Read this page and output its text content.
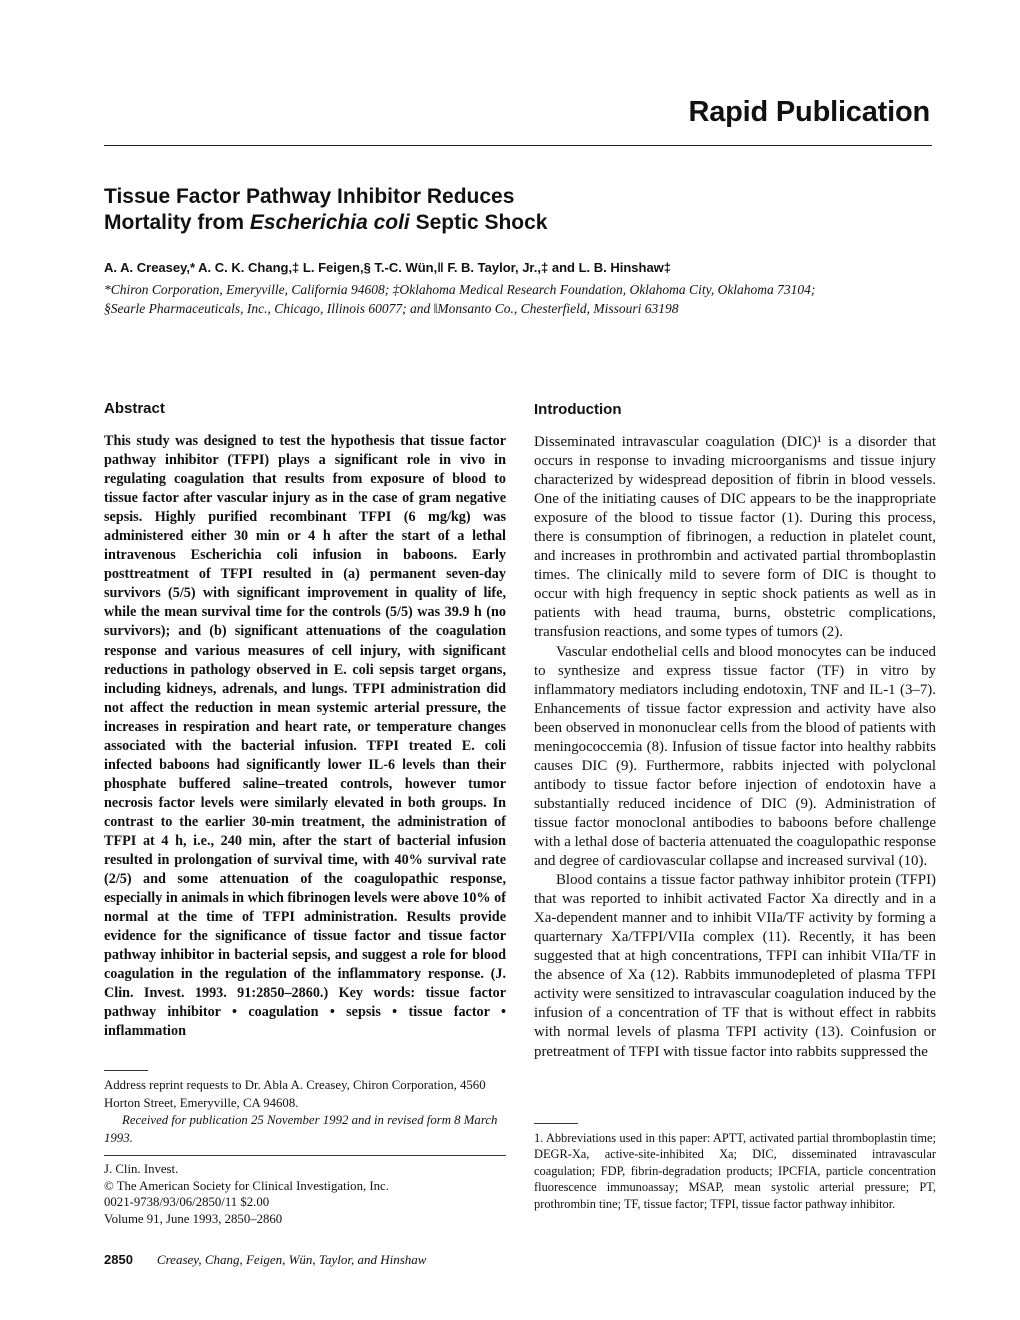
Rapid Publication
Tissue Factor Pathway Inhibitor Reduces
Mortality from Escherichia coli Septic Shock
A. A. Creasey,* A. C. K. Chang,‡ L. Feigen,§ T.-C. Wün,‖ F. B. Taylor, Jr.,‡ and L. B. Hinshaw‡
*Chiron Corporation, Emeryville, California 94608; ‡Oklahoma Medical Research Foundation, Oklahoma City, Oklahoma 73104;
§Searle Pharmaceuticals, Inc., Chicago, Illinois 60077; and ‖Monsanto Co., Chesterfield, Missouri 63198
Abstract

This study was designed to test the hypothesis that tissue factor pathway inhibitor (TFPI) plays a significant role in vivo in regulating coagulation that results from exposure of blood to tissue factor after vascular injury as in the case of gram negative sepsis. Highly purified recombinant TFPI (6 mg/kg) was administered either 30 min or 4 h after the start of a lethal intravenous Escherichia coli infusion in baboons. Early posttreatment of TFPI resulted in (a) permanent seven-day survivors (5/5) with significant improvement in quality of life, while the mean survival time for the controls (5/5) was 39.9 h (no survivors); and (b) significant attenuations of the coagulation response and various measures of cell injury, with significant reductions in pathology observed in E. coli sepsis target organs, including kidneys, adrenals, and lungs. TFPI administration did not affect the reduction in mean systemic arterial pressure, the increases in respiration and heart rate, or temperature changes associated with the bacterial infusion. TFPI treated E. coli infected baboons had significantly lower IL-6 levels than their phosphate buffered saline–treated controls, however tumor necrosis factor levels were similarly elevated in both groups. In contrast to the earlier 30-min treatment, the administration of TFPI at 4 h, i.e., 240 min, after the start of bacterial infusion resulted in prolongation of survival time, with 40% survival rate (2/5) and some attenuation of the coagulopathic response, especially in animals in which fibrinogen levels were above 10% of normal at the time of TFPI administration. Results provide evidence for the significance of tissue factor and tissue factor pathway inhibitor in bacterial sepsis, and suggest a role for blood coagulation in the regulation of the inflammatory response. (J. Clin. Invest. 1993. 91:2850–2860.) Key words: tissue factor pathway inhibitor • coagulation • sepsis • tissue factor • inflammation

Address reprint requests to Dr. Abla A. Creasey, Chiron Corporation, 4560 Horton Street, Emeryville, CA 94608.

Received for publication 25 November 1992 and in revised form 8 March 1993.

J. Clin. Invest.
© The American Society for Clinical Investigation, Inc.
0021-9738/93/06/2850/11 $2.00
Volume 91, June 1993, 2850–2860
Introduction

Disseminated intravascular coagulation (DIC)¹ is a disorder that occurs in response to invading microorganisms and tissue injury characterized by widespread deposition of fibrin in blood vessels. One of the initiating causes of DIC appears to be the inappropriate exposure of the blood to tissue factor (1). During this process, there is consumption of fibrinogen, a reduction in platelet count, and increases in prothrombin and activated partial thromboplastin times. The clinically mild to severe form of DIC is thought to occur with high frequency in septic shock patients as well as in patients with head trauma, burns, obstetric complications, transfusion reactions, and some types of tumors (2).

Vascular endothelial cells and blood monocytes can be induced to synthesize and express tissue factor (TF) in vitro by inflammatory mediators including endotoxin, TNF and IL-1 (3–7). Enhancements of tissue factor expression and activity have also been observed in mononuclear cells from the blood of patients with meningococcemia (8). Infusion of tissue factor into healthy rabbits causes DIC (9). Furthermore, rabbits injected with polyclonal antibody to tissue factor before injection of endotoxin have a substantially reduced incidence of DIC (9). Administration of tissue factor monoclonal antibodies to baboons before challenge with a lethal dose of bacteria attenuated the coagulopathic response and degree of cardiovascular collapse and increased survival (10).

Blood contains a tissue factor pathway inhibitor protein (TFPI) that was reported to inhibit activated Factor Xa directly and in a Xa-dependent manner and to inhibit VIIa/TF activity by forming a quarternary Xa/TFPI/VIIa complex (11). Recently, it has been suggested that at high concentrations, TFPI can inhibit VIIa/TF in the absence of Xa (12). Rabbits immunodepleted of plasma TFPI activity were sensitized to intravascular coagulation induced by the infusion of a concentration of TF that is without effect in rabbits with normal levels of plasma TFPI activity (13). Coinfusion or pretreatment of TFPI with tissue factor into rabbits suppressed the

1. Abbreviations used in this paper: APTT, activated partial thromboplastin time; DEGR-Xa, active-site-inhibited Xa; DIC, disseminated intravascular coagulation; FDP, fibrin-degradation products; IPCFIA, particle concentration fluorescence immunoassay; MSAP, mean systolic arterial pressure; PT, prothrombin tine; TF, tissue factor; TFPI, tissue factor pathway inhibitor.
2850 Creasey, Chang, Feigen, Wün, Taylor, and Hinshaw
